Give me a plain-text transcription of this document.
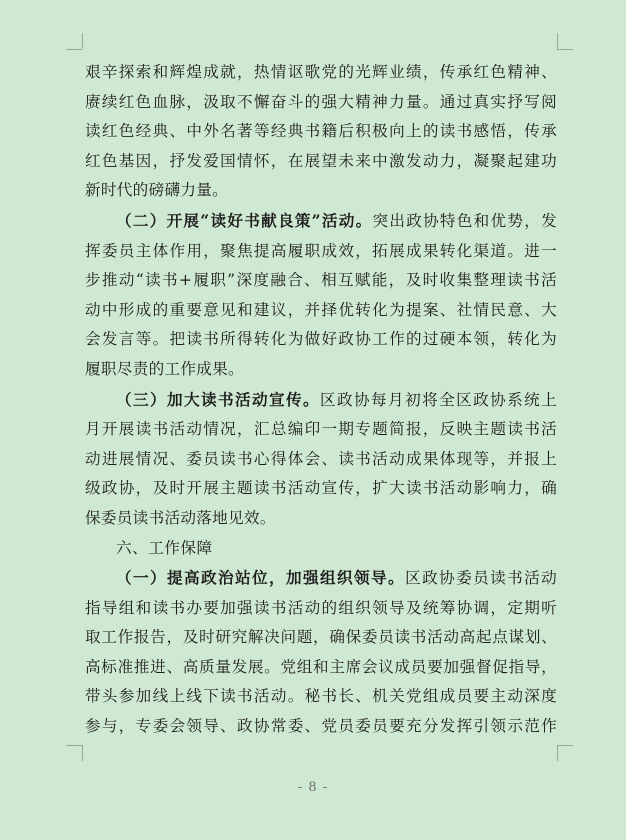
艰辛探索和辉煌成就，热情讴歌党的光辉业绩，传承红色精神、
赓续红色血脉，汲取不懈奋斗的强大精神力量。通过真实抒写阅
读红色经典、中外名著等经典书籍后积极向上的读书感悟，传承
红色基因，抒发爱国情怀，在展望未来中激发动力，凝聚起建功
新时代的磅礴力量。

（二）开展“读好书献良策”活动。突出政协特色和优势，发
挥委员主体作用，聚焦提高履职成效，拓展成果转化渠道。进一
步推动“读书+履职”深度融合、相互赋能，及时收集整理读书活
动中形成的重要意见和建议，并择优转化为提案、社情民意、大
会发言等。把读书所得转化为做好政协工作的过硬本领，转化为
履职尽责的工作成果。

（三）加大读书活动宣传。区政协每月初将全区政协系统上
月开展读书活动情况，汇总编印一期专题简报，反映主题读书活
动进展情况、委员读书心得体会、读书活动成果体现等，并报上
级政协，及时开展主题读书活动宣传，扩大读书活动影响力，确
保委员读书活动落地见效。

六、工作保障

（一）提高政治站位，加强组织领导。区政协委员读书活动
指导组和读书办要加强读书活动的组织领导及统筹协调，定期听
取工作报告，及时研究解决问题，确保委员读书活动高起点谋划、
高标准推进、高质量发展。党组和主席会议成员要加强督促指导，
带头参加线上线下读书活动。秘书长、机关党组成员要主动深度
参与，专委会领导、政协常委、党员委员要充分发挥引领示范作

- 8 -
